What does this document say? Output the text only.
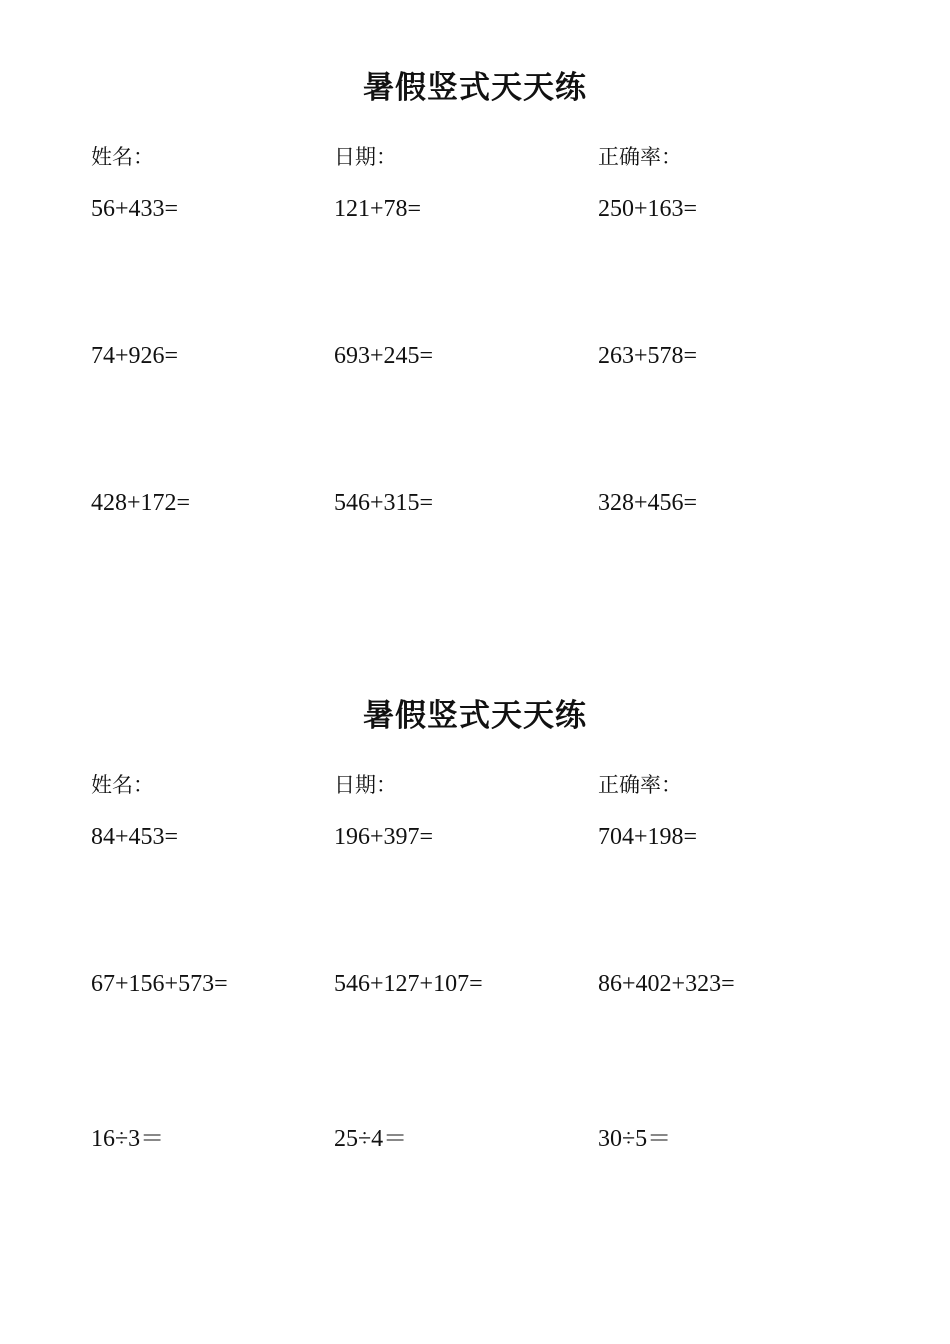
暑假竖式天天练
姓名：	日期：	正确率：
56+433=	121+78=	250+163=
74+926=	693+245=	263+578=
428+172=	546+315=	328+456=
暑假竖式天天练
姓名：	日期：	正确率：
84+453=	196+397=	704+198=
67+156+573=	546+127+107=	86+402+323=
16÷3＝	25÷4＝	30÷5＝
